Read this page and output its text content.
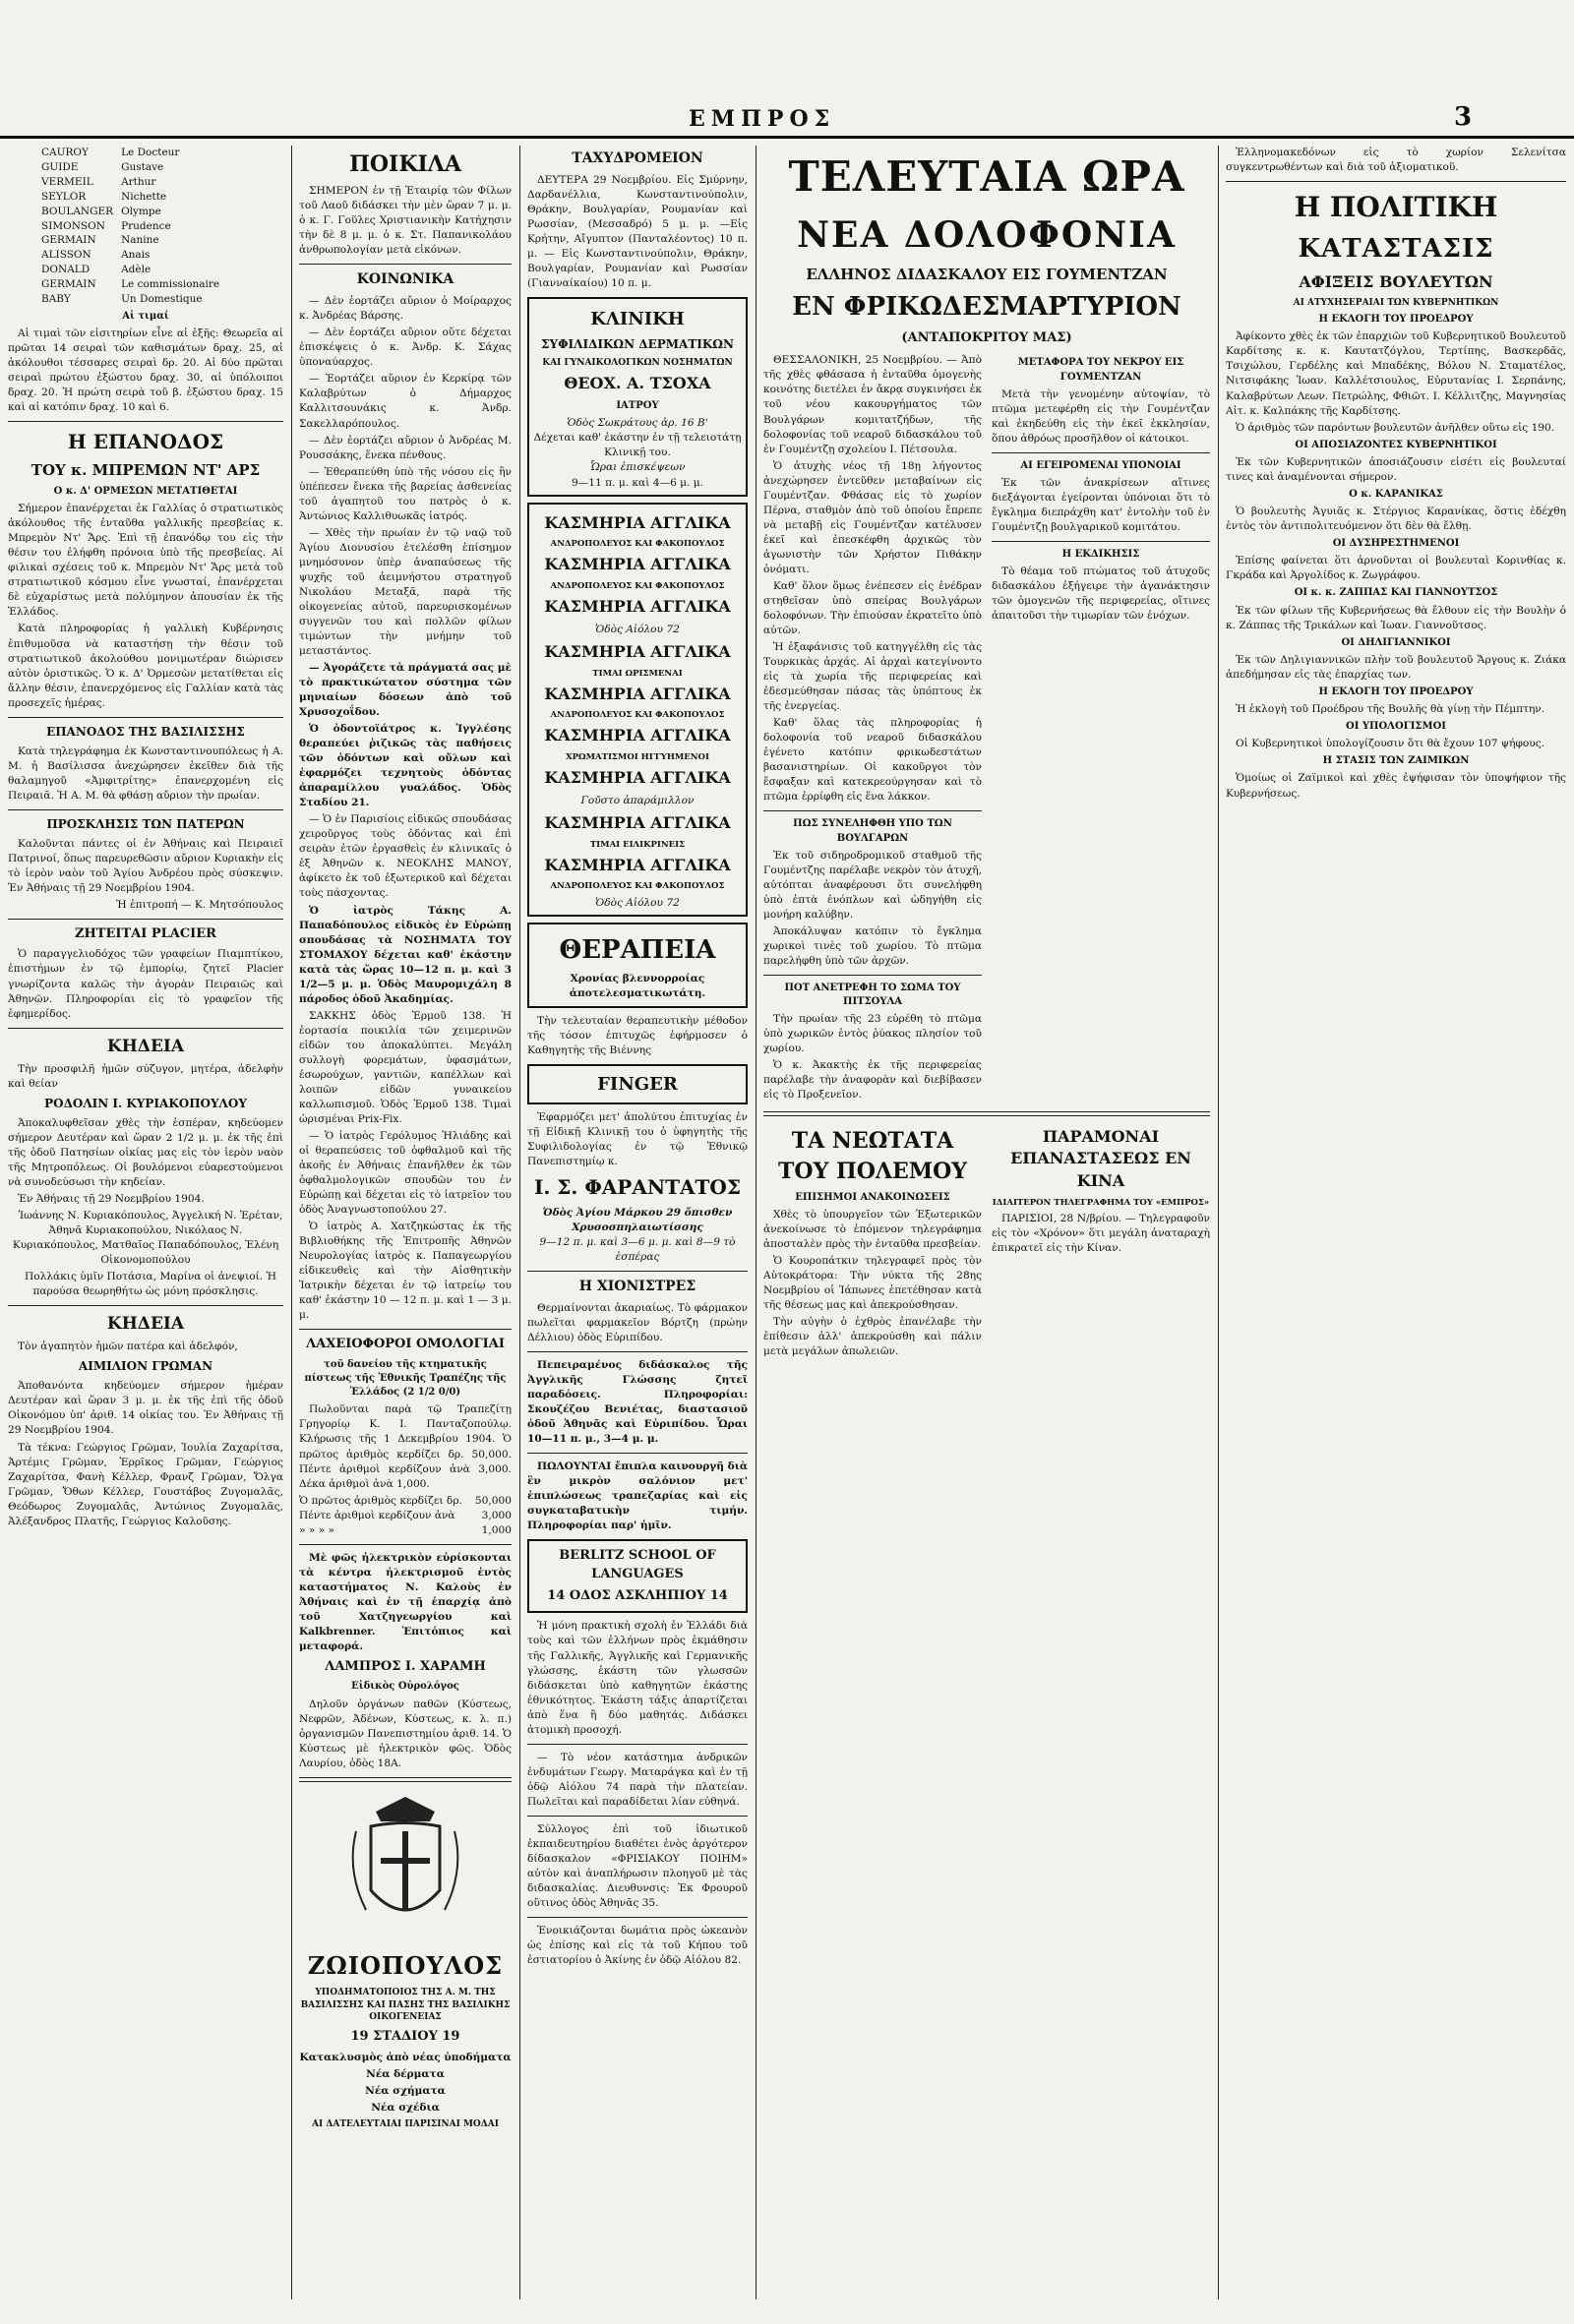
ΕΜΠΡΟΣ	3
CAUROY	Le Docteur
GUIDE	Gustave
VERMEIL	Arthur
SEYLOR	Nichette
BOULANGER	Olympe
SIMONSON	Prudence
GERMAIN	Nanine
ALISSON	Anais
DONALD	Adèle
GERMAIN	Le commissionaire
BABY	Un Domestique
Αἱ τιμαί

Αἱ τιμαὶ τῶν εἰσιτηρίων εἶνε αἱ ἑξῆς: Θεωρεῖα αἱ πρῶται 14 σειραὶ τῶν καθισμάτων δραχ. 25, αἱ ἀκόλουθοι τέσσαρες σειραὶ δρ. 20. Αἱ δύο πρῶται σειραὶ πρώτου ἐξώστου δραχ. 30, αἱ ὑπόλοιποι δραχ. 20. Ἡ πρώτη σειρὰ τοῦ β. ἐξώστου δραχ. 15 καὶ αἱ κατόπιν δραχ. 10 καὶ 6.

Η ΕΠΑΝΟΔΟΣ
ΤΟΥ κ. ΜΠΡΕΜΩΝ ΝΤ' ΑΡΣ
Ο κ. Δ' ΟΡΜΕΣΩΝ ΜΕΤΑΤΙΘΕΤΑΙ

Σήμερον ἐπανέρχεται ἐκ Γαλλίας ὁ στρατιωτικὸς ἀκόλουθος τῆς ἐνταῦθα γαλλικῆς πρεσβείας κ. Μπρεμὸν Ντ' Ἄρς. Ἐπὶ τῇ ἐπανόδῳ του εἰς τὴν θέσιν του ἐλήφθη πρόνοια ὑπὸ τῆς πρεσβείας. Αἱ φιλικαὶ σχέσεις τοῦ κ. Μπρεμὸν Ντ' Ἄρς μετὰ τοῦ στρατιωτικοῦ κόσμου εἶνε γνωσταί, ἐπανέρχεται δὲ εὐχαρίστως μετὰ πολύμηνον ἀπουσίαν ἐκ τῆς Ἑλλάδος.

Κατὰ πληροφορίας ἡ γαλλικὴ Κυβέρνησις ἐπιθυμοῦσα νὰ καταστήσῃ τὴν θέσιν τοῦ στρατιωτικοῦ ἀκολούθου μονιμωτέραν διώρισεν αὐτὸν ὁριστικῶς. Ὁ κ. Δ' Ὀρμεσὼν μετατίθεται εἰς ἄλλην θέσιν, ἐπανερχόμενος εἰς Γαλλίαν κατὰ τὰς προσεχεῖς ἡμέρας.

ΕΠΑΝΟΔΟΣ ΤΗΣ ΒΑΣΙΛΙΣΣΗΣ

Κατὰ τηλεγράφημα ἐκ Κωνσταντινουπόλεως ἡ Α. Μ. ἡ Βασίλισσα ἀνεχώρησεν ἐκεῖθεν διὰ τῆς θαλαμηγοῦ «Ἀμφιτρίτης» ἐπανερχομένη εἰς Πειραιᾶ. Ἡ Α. Μ. θὰ φθάσῃ αὔριον τὴν πρωίαν.

ΠΡΟΣΚΛΗΣΙΣ ΤΩΝ ΠΑΤΕΡΩΝ

Καλοῦνται πάντες οἱ ἐν Ἀθήναις καὶ Πειραιεῖ Πατρινοί, ὅπως παρευρεθῶσιν αὔριον Κυριακὴν εἰς τὸ ἱερὸν ναὸν τοῦ Ἁγίου Ἀνδρέου πρὸς σύσκεψιν. Ἐν Ἀθήναις τῇ 29 Νοεμβρίου 1904.

Ἡ ἐπιτροπή — Κ. Μητσόπουλος

ΖΗΤΕΙΤΑΙ PLACIER

Ὁ παραγγελιοδόχος τῶν γραφείων Πιαμπτίκου, ἐπιστήμων ἐν τῷ ἐμπορίῳ, ζητεῖ Placier γνωρίζοντα καλῶς τὴν ἀγορὰν Πειραιῶς καὶ Ἀθηνῶν. Πληροφορίαι εἰς τὸ γραφεῖον τῆς ἐφημερίδος.

ΚΗΔΕΙΑ

Τὴν προσφιλῆ ἡμῶν σύζυγον, μητέρα, ἀδελφὴν καὶ θείαν

ΡΟΔΟΛΙΝ Ι. ΚΥΡΙΑΚΟΠΟΥΛΟΥ

Ἀποκαλυφθεῖσαν χθὲς τὴν ἑσπέραν, κηδεύομεν σήμερον Δευτέραν καὶ ὥραν 2 1/2 μ. μ. ἐκ τῆς ἐπὶ τῆς ὁδοῦ Πατησίων οἰκίας μας εἰς τὸν ἱερὸν ναὸν τῆς Μητροπόλεως. Οἱ βουλόμενοι εὐαρεστούμενοι νὰ συνοδεύσωσι τὴν κηδείαν.

Ἐν Ἀθήναις τῇ 29 Νοεμβρίου 1904.

Ἰωάννης Ν. Κυριακόπουλος, Ἀγγελική Ν. Ἐρέταν, Ἀθηνᾶ Κυριακοπούλου, Νικόλαος Ν. Κυριακόπουλος, Ματθαῖος Παπαδόπουλος, Ἑλένη Οἰκονομοπούλου

Πολλάκις ὑμῖν Ποτάσια, Μαρίνα οἱ ἀνεψιοί. Ἡ παρούσα θεωρηθήτω ὡς μόνη πρόσκλησις.

ΚΗΔΕΙΑ

Τὸν ἀγαπητὸν ἡμῶν πατέρα καὶ ἀδελφόν,

ΑΙΜΙΛΙΟΝ ΓΡΩΜΑΝ

Ἀποθανόντα κηδεύομεν σήμερον ἡμέραν Δευτέραν καὶ ὥραν 3 μ. μ. ἐκ τῆς ἐπὶ τῆς ὁδοῦ Οἰκονόμου ὑπ' ἀριθ. 14 οἰκίας του. Ἐν Ἀθήναις τῇ 29 Νοεμβρίου 1904.

Τὰ τέκνα: Γεώργιος Γρῶμαν, Ἰουλία Ζαχαρίτσα, Ἀρτέμις Γρῶμαν, Ἐρρῖκος Γρῶμαν, Γεώργιος Ζαχαρίτσα, Φανὴ Κέλλερ, Φρανζ Γρῶμαν, Ὄλγα Γρῶμαν, Ὄθων Κέλλερ, Γουστάβος Ζυγομαλᾶς, Θεόδωρος Ζυγομαλᾶς, Ἀντώνιος Ζυγομαλᾶς, Ἀλέξανδρος Πλατῆς, Γεώργιος Καλοῦσης.

ΠΟΙΚΙΛΑ

ΣΗΜΕΡΟΝ ἐν τῇ Ἑταιρίᾳ τῶν Φίλων τοῦ Λαοῦ διδάσκει τὴν μὲν ὥραν 7 μ. μ. ὁ κ. Γ. Γοῦλες Χριστιανικὴν Κατήχησιν τὴν δὲ 8 μ. μ. ὁ κ. Στ. Παπανικολάου ἀνθρωπολογίαν μετὰ εἰκόνων.

ΚΟΙΝΩΝΙΚΑ

— Δὲν ἑορτάζει αὔριον ὁ Μοίραρχος κ. Ἀνδρέας Βάρσης.

— Δὲν ἑορτάζει αὔριον οὔτε δέχεται ἐπισκέψεις ὁ κ. Ἀνδρ. Κ. Σάχας ὑποναύαρχος.

— Ἑορτάζει αὔριον ἐν Κερκίρᾳ τῶν Καλαβρύτων ὁ Δήμαρχος Καλλιτσουνάκις κ. Ἀνδρ. Σακελλαρόπουλος.

— Δὲν ἑορτάζει αὔριον ὁ Ἀνδρέας Μ. Ρουσσάκης, ἕνεκα πένθους.

— Ἐθεραπεύθη ὑπὸ τῆς νόσου εἰς ἣν ὑπέπεσεν ἔνεκα τῆς βαρείας ἀσθενείας τοῦ ἀγαπητοῦ του πατρὸς ὁ κ. Ἀντώνιος Καλλιθυωκᾶς ἰατρός.

— Χθὲς τὴν πρωίαν ἐν τῷ ναῷ τοῦ Ἁγίου Διονυσίου ἐτελέσθη ἐπίσημον μνημόσυνον ὑπὲρ ἀναπαύσεως τῆς ψυχῆς τοῦ ἀειμνήστου στρατηγοῦ Νικολάου Μεταξᾶ, παρὰ τῆς οἰκογενείας αὐτοῦ, παρευρισκομένων συγγενῶν του καὶ πολλῶν φίλων τιμώντων τὴν μνήμην τοῦ μεταστάντος.

— Ἀγοράζετε τὰ πράγματά σας μὲ τὸ πρακτικώτατον σύστημα τῶν μηνιαίων δόσεων ἀπὸ τοῦ Χρυσοχοΐδου.

Ὁ ὀδοντοϊάτρος κ. Ἰγγλέσης θεραπεύει ῥιζικῶς τὰς παθήσεις τῶν ὀδόντων καὶ οὔλων καὶ ἐφαρμόζει τεχνητοὺς ὀδόντας ἀπαραμίλλου γυαλάδος. Ὁδὸς Σταδίου 21.

— Ὁ ἐν Παρισίοις εἰδικῶς σπουδάσας χειροῦργος τοὺς ὀδόντας καὶ ἐπὶ σειρὰν ἐτῶν ἐργασθεὶς ἐν κλινικαῖς ὁ ἐξ Ἀθηνῶν κ. ΝΕΟΚΛΗΣ ΜΑΝΟΥ, ἀφίκετο ἐκ τοῦ ἐξωτερικοῦ καὶ δέχεται τοὺς πάσχοντας.

Ὁ ἰατρὸς Τάκης Α. Παπαδόπουλος εἰδικὸς ἐν Εὐρώπῃ σπουδάσας τὰ ΝΟΣΗΜΑΤΑ ΤΟΥ ΣΤΟΜΑΧΟΥ δέχεται καθ' ἑκάστην κατὰ τὰς ὥρας 10—12 π. μ. καὶ 3 1/2—5 μ. μ. Ὁδὸς Μαυρομιχάλη 8 πάροδος ὁδοῦ Ἀκαδημίας.

ΣΑΚΚΗΣ ὁδὸς Ἑρμοῦ 138. Ἡ ἑορτασία ποικιλία τῶν χειμερινῶν εἰδῶν του ἀποκαλύπτει. Μεγάλη συλλογὴ φορεμάτων, ὑφασμάτων, ἐσωρούχων, γαντιῶν, καπέλλων καὶ λοιπῶν εἰδῶν γυναικείου καλλωπισμοῦ. Ὁδὸς Ἑρμοῦ 138. Τιμαὶ ὡρισμέναι Prix-Fix.

— Ὁ ἰατρὸς Γερόλυμος Ἠλιάδης καὶ οἱ θεραπεύσεις τοῦ ὀφθαλμοῦ καὶ τῆς ἀκοῆς ἐν Ἀθήναις ἐπανῆλθεν ἐκ τῶν ὀφθαλμολογικῶν σπουδῶν του ἐν Εὐρώπῃ καὶ δέχεται εἰς τὸ ἰατρεῖον του ὁδὸς Ἀναγνωστοπούλου 27.

Ὁ ἰατρὸς Α. Χατζηκώστας ἐκ τῆς Βιβλιοθήκης τῆς Ἐπιτροπῆς Ἀθηνῶν Νευρολογίας ἰατρὸς κ. Παπαγεωργίου εἰδικευθεὶς καὶ τὴν Αἰσθητικὴν Ἰατρικὴν δέχεται ἐν τῷ ἰατρείῳ του καθ' ἑκάστην 10 — 12 π. μ. καὶ 1 — 3 μ. μ.

ΛΑΧΕΙΟΦΟΡΟΙ ΟΜΟΛΟΓΙΑΙ
τοῦ δανείου τῆς κτηματικῆς πίστεως τῆς Ἐθνικῆς Τραπέζης τῆς Ἑλλάδος (2 1/2 0/0)

Πωλοῦνται παρὰ τῷ Τραπεζίτῃ Γρηγορίῳ Κ. Ι. Πανταζοπούλῳ. Κλήρωσις τῆς 1 Δεκεμβρίου 1904. Ὁ πρῶτος ἀριθμὸς κερδίζει δρ. 50,000. Πέντε ἀριθμοὶ κερδίζουν ἀνὰ 3,000. Δέκα ἀριθμοὶ ἀνὰ 1,000.

Ὁ πρῶτος ἀριθμὸς κερδίζει δρ. 50,000
Πέντε ἀριθμοὶ κερδίζουν ἀνὰ	3,000
» » » »	1,000

Μὲ φῶς ἠλεκτρικὸν εὑρίσκονται τὰ κέντρα ἠλεκτρισμοῦ ἐντὸς καταστήματος Ν. Καλοὺς ἐν Ἀθήναις καὶ ἐν τῇ ἐπαρχίᾳ ἀπὸ τοῦ Χατζηγεωργίου καὶ Kalkbrenner. Ἐπιτόπιος καὶ μεταφορά.

ΛΑΜΠΡΟΣ Ι. ΧΑΡΑΜΗ
Εἰδικὸς Οὐρολόγος

Δηλοῦν ὀργάνων παθῶν (Κύστεως, Νεφρῶν, Ἀδένων, Κύστεως, κ. λ. π.) ὁργανισμῶν Πανεπιστημίου ἀριθ. 14. Ὁ Κύστεως μὲ ἠλεκτρικὸν φῶς. Ὁδὸς Λαυρίου, ὁδὸς 18Α.

ΖΩΙΟΠΟΥΛΟΣ
ΥΠΟΔΗΜΑΤΟΠΟΙΟΣ ΤΗΣ Α. Μ. ΤΗΣ ΒΑΣΙΛΙΣΣΗΣ ΚΑΙ ΠΑΣΗΣ ΤΗΣ ΒΑΣΙΛΙΚΗΣ ΟΙΚΟΓΕΝΕΙΑΣ
19 ΣΤΑΔΙΟΥ 19
Κατακλυσμὸς ἀπὸ νέας ὑποδήματα
Νέα δέρματα
Νέα σχήματα
Νέα σχέδια
ΑΙ ΔΑΤΕΛΕΥΤΑΙΑΙ ΠΑΡΙΣΙΝΑΙ ΜΟΔΑΙ
ΤΑΧΥΔΡΟΜΕΙΟΝ

ΔΕΥΤΕΡΑ 29 Νοεμβρίου. Εἰς Σμύρνην, Δαρδανέλλια, Κωνσταντινούπολιν, Θράκην, Βουλγαρίαν, Ρουμανίαν καὶ Ρωσσίαν, (Μεσσαδρό) 5 μ. μ. —Εἰς Κρήτην, Αἴγυπτον (Πανταλέοντος) 10 π. μ. — Εἰς Κωνσταντινούπολιν, Θράκην, Βουλγαρίαν, Ρουμανίαν καὶ Ρωσσίαν (Γιανναίκαίου) 10 π. μ.

ΚΛΙΝΙΚΗ
ΣΥΦΙΛΙΔΙΚΩΝ ΔΕΡΜΑΤΙΚΩΝ
ΚΑΙ ΓΥΝΑΙΚΟΛΟΓΙΚΩΝ ΝΟΣΗΜΑΤΩΝ
ΘΕΟΧ. Α. ΤΣΟΧΑ
ΙΑΤΡΟΥ
Ὁδὸς Σωκράτους ἀρ. 16 Β'
Δέχεται καθ' ἑκάστην ἐν τῇ τελειοτάτῃ Κλινικῇ του.
Ὧραι ἐπισκέψεων
9—11 π. μ. καὶ 4—6 μ. μ.
ΚΑΣΜΗΡΙΑ ΑΓΓΛΙΚΑ
ΑΝΔΡΟΠΟΛΕΥΟΣ ΚΑΙ ΦΑΚΟΠΟΥΛΟΣ
ΚΑΣΜΗΡΙΑ ΑΓΓΛΙΚΑ
ΑΝΔΡΟΠΟΛΕΥΟΣ ΚΑΙ ΦΑΚΟΠΟΥΛΟΣ
ΚΑΣΜΗΡΙΑ ΑΓΓΛΙΚΑ
Ὁδὸς Αἰόλου 72
ΚΑΣΜΗΡΙΑ ΑΓΓΛΙΚΑ
ΤΙΜΑΙ ΩΡΙΣΜΕΝΑΙ
ΚΑΣΜΗΡΙΑ ΑΓΓΛΙΚΑ
ΑΝΔΡΟΠΟΛΕΥΟΣ ΚΑΙ ΦΑΚΟΠΟΥΛΟΣ
ΚΑΣΜΗΡΙΑ ΑΓΓΛΙΚΑ
ΧΡΩΜΑΤΙΣΜΟΙ ΗΓΓΥΗΜΕΝΟΙ
ΚΑΣΜΗΡΙΑ ΑΓΓΛΙΚΑ
Γοῦστο ἀπαράμιλλον
ΚΑΣΜΗΡΙΑ ΑΓΓΛΙΚΑ
ΤΙΜΑΙ ΕΙΛΙΚΡΙΝΕΙΣ
ΚΑΣΜΗΡΙΑ ΑΓΓΛΙΚΑ
ΑΝΔΡΟΠΟΛΕΥΟΣ ΚΑΙ ΦΑΚΟΠΟΥΛΟΣ
Ὁδὸς Αἰόλου 72
ΘΕΡΑΠΕΙΑ
Χρονίας βλεννορροίας ἀποτελεσματικωτάτη.

Τὴν τελευταίαν θεραπευτικὴν μέθοδον τῆς τόσον ἐπιτυχῶς ἐφήρμοσεν ὁ Καθηγητὴς τῆς Βιέννης

FINGER

Ἐφαρμόζει μετ' ἀπολύτου ἐπιτυχίας ἐν τῇ Εἰδικῇ Κλινικῇ του ὁ ὑφηγητὴς τῆς Συφιλιδολογίας ἐν τῷ Ἐθνικῷ Πανεπιστημίῳ κ.

Ι. Σ. ΦΑΡΑΝΤΑΤΟΣ
Ὁδὸς Ἁγίου Μάρκου 29 ὄπισθεν Χρυσοσπηλαιωτίσσης
9—12 π. μ. καὶ 3—6 μ. μ. καὶ 8—9 τὸ ἑσπέρας
Η ΧΙΟΝΙΣΤΡΕΣ

Θερμαίνονται ἀκαριαίως. Τὸ φάρμακον πωλεῖται φαρμακεῖον Βόρτζη (πρώην Δέλλιου) ὁδὸς Εὐριπίδου.

Πεπειραμένος διδάσκαλος τῆς Ἀγγλικῆς Γλώσσης ζητεῖ παραδόσεις. Πληροφορίαι: Σκουζέζου Βενιέτας, διαστασιοῦ ὁδοῦ Ἀθηνᾶς καὶ Εὐριπίδου. Ὧραι 10—11 π. μ., 3—4 μ. μ.

ΠΩΛΟΥΝΤΑΙ ἔπιπλα καινουργῆ διὰ ἓν μικρὸν σαλόνιον μετ' ἐπιπλώσεως τραπεζαρίας καὶ εἰς συγκαταβατικὴν τιμήν. Πληροφορίαι παρ' ἡμῖν.

BERLITZ SCHOOL OF LANGUAGES
14 ΟΔΟΣ ΑΣΚΛΗΠΙΟΥ 14

Ἡ μόνη πρακτικὴ σχολὴ ἐν Ἑλλάδι διὰ τοὺς καὶ τῶν ἑλλήνων πρὸς ἐκμάθησιν τῆς Γαλλικῆς, Ἀγγλικῆς καὶ Γερμανικῆς γλώσσης, ἑκάστη τῶν γλωσσῶν διδάσκεται ὑπὸ καθηγητῶν ἐκάστης ἐθνικότητος. Ἑκάστη τάξις ἀπαρτίζεται ἀπὸ ἕνα ἢ δύο μαθητάς. Διδάσκει ἀτομικὴ προσοχή.

— Τὸ νέον κατάστημα ἀνδρικῶν ἐνδυμάτων Γεωργ. Ματαράγκα καὶ ἐν τῇ ὁδῷ Αἰόλου 74 παρὰ τὴν πλατείαν. Πωλεῖται καὶ παραδίδεται λίαν εὐθηνά.

Σύλλογος ἐπὶ τοῦ ἰδιωτικοῦ ἐκπαιδευτηρίου διαθέτει ἑνὸς ἀργότερον δίδασκαλον «ΦΡΙΣΙΑΚΟΥ ΠΟΙΗΜ» αὐτὸν καὶ ἀναπλήρωσιν πλοηγοῦ μὲ τὰς διδασκαλίας. Διευθυνσις: Ἐκ Φρουροῦ οὔτινος ὁδὸς Ἀθηνᾶς 35.

Ἐνοικιάζονται δωμάτια πρὸς ὠκεανὸν ὡς ἐπίσης καὶ εἰς τὰ τοῦ Κήπου τοῦ ἐστιατορίου ὁ Ἀκίνης ἐν ὁδῷ Αἰόλου 82.

ΤΕΛΕΥΤΑΙΑ ΩΡΑ
ΝΕΑ ΔΟΛΟΦΟΝΙΑ
ΕΛΛΗΝΟΣ ΔΙΔΑΣΚΑΛΟΥ ΕΙΣ ΓΟΥΜΕΝΤΖΑΝ
ΕΝ ΦΡΙΚΩΔΕΣΜΑΡΤΥΡΙΟΝ
(ΑΝΤΑΠΟΚΡΙΤΟΥ ΜΑΣ)

ΘΕΣΣΑΛΟΝΙΚΗ, 25 Νοεμβρίου. — Ἀπὸ τῆς χθὲς φθάσασα ἡ ἐνταῦθα ὁμογενὴς κοινότης διετέλει ἐν ἄκρᾳ συγκινήσει ἐκ τοῦ νέου κακουργήματος τῶν Βουλγάρων κομιτατζήδων, τῆς δολοφονίας τοῦ νεαροῦ διδασκάλου τοῦ ἐν Γουμέντζῃ σχολείου Ι. Πέτσουλα.

Ὁ ἀτυχὴς νέος τῇ 18ῃ λήγοντος ἀνεχώρησεν ἐντεῦθεν μεταβαίνων εἰς Γουμέντζαν. Φθάσας εἰς τὸ χωρίον Πέρνα, σταθμὸν ἀπὸ τοῦ ὁποίου ἔπρεπε νὰ μεταβῇ εἰς Γουμέντζαν κατέλυσεν ἐκεῖ καὶ ἐπεσκέφθη ἀρχικῶς τὸν ἀγωνιστὴν τῶν Χρήστον Πιθάκην ὀνόματι.

Καθ' ὅλον ὅμως ἐνέπεσεν εἰς ἐνέδραν στηθεῖσαν ὑπὸ σπείρας Βουλγάρων δολοφόνων. Τὴν ἐπιούσαν ἐκρατεῖτο ὑπὸ αὐτῶν.

Ἡ ἐξαφάνισις τοῦ κατηγγέλθη εἰς τὰς Τουρκικὰς ἀρχάς. Αἱ ἀρχαὶ κατεγίνοντο εἰς τὰ χωρία τῆς περιφερείας καὶ ἐδεσμεύθησαν πάσας τὰς ὑπόπτους ἐκ τῆς ἐνεργείας.

Καθ' ὅλας τὰς πληροφορίας ἡ δολοφονία τοῦ νεαροῦ διδασκάλου ἐγένετο κατόπιν φρικωδεστάτων βασανιστηρίων. Οἱ κακοῦργοι τὸν ἔσφαξαν καὶ κατεκρεούργησαν καὶ τὸ πτῶμα ἐρρίφθη εἰς ἕνα λάκκον.

ΠΩΣ ΣΥΝΕΛΗΦΘΗ ΥΠΟ ΤΩΝ ΒΟΥΛΓΑΡΩΝ

Ἐκ τοῦ σιδηροδρομικοῦ σταθμοῦ τῆς Γουμέντζης παρέλαβε νεκρὸν τὸν ἀτυχῆ, αὐτόπται ἀναφέρουσι ὅτι συνελήφθη ὑπὸ ἐπτὰ ἐνόπλων καὶ ὡδηγήθη εἰς μονήρη καλύβην.

Ἀποκάλυψαν κατόπιν τὸ ἔγκλημα χωρικοὶ τινὲς τοῦ χωρίου. Τὸ πτῶμα παρελήφθη ὑπὸ τῶν ἀρχῶν.

ΠΟΤ ΑΝΕΤΡΕΦΗ ΤΟ ΣΩΜΑ ΤΟΥ ΠΙΤΣΟΥΛΑ

Τὴν πρωίαν τῆς 23 εὑρέθη τὸ πτῶμα ὑπὸ χωρικῶν ἐντὸς ῥύακος πλησίον τοῦ χωρίου.

Ὁ κ. Ἀκακτὴς ἐκ τῆς περιφερείας παρέλαβε τὴν ἀναφορὰν καὶ διεβίβασεν εἰς τὸ Προξενεῖον.

ΜΕΤΑΦΟΡΑ ΤΟΥ ΝΕΚΡΟΥ ΕΙΣ ΓΟΥΜΕΝΤΖΑΝ

Μετὰ τὴν γενομένην αὐτοψίαν, τὸ πτῶμα μετεφέρθη εἰς τὴν Γουμέντζαν καὶ ἐκηδεύθη εἰς τὴν ἐκεῖ ἐκκλησίαν, ὅπου ἀθρόως προσῆλθον οἱ κάτοικοι.

ΑΙ ΕΓΕΙΡΟΜΕΝΑΙ ΥΠΟΝΟΙΑΙ

Ἐκ τῶν ἀνακρίσεων αἵτινες διεξάγονται ἐγείρονται ὑπόνοιαι ὅτι τὸ ἔγκλημα διεπράχθη κατ' ἐντολὴν τοῦ ἐν Γουμέντζῃ βουλγαρικοῦ κομιτάτου.

Η ΕΚΔΙΚΗΣΙΣ

Τὸ θέαμα τοῦ πτώματος τοῦ ἀτυχοῦς διδασκάλου ἐξήγειρε τὴν ἀγανάκτησιν τῶν ὁμογενῶν τῆς περιφερείας, οἵτινες ἀπαιτοῦσι τὴν τιμωρίαν τῶν ἐνόχων.

ΤΑ ΝΕΩΤΑΤΑ ΤΟΥ ΠΟΛΕΜΟΥ
ΕΠΙΣΗΜΟΙ ΑΝΑΚΟΙΝΩΣΕΙΣ

Χθὲς τὸ ὑπουργεῖον τῶν Ἐξωτερικῶν ἀνεκοίνωσε τὸ ἑπόμενον τηλεγράφημα ἀποσταλὲν πρὸς τὴν ἐνταῦθα πρεσβείαν.

Ὁ Κουροπάτκιν τηλεγραφεῖ πρὸς τὸν Αὐτοκράτορα: Τὴν νύκτα τῆς 28ης Νοεμβρίου οἱ Ἰάπωνες ἐπετέθησαν κατὰ τῆς θέσεως μας καὶ ἀπεκρούσθησαν.

Τὴν αὐγὴν ὁ ἐχθρὸς ἐπανέλαβε τὴν ἐπίθεσιν ἀλλ' ἀπεκρούσθη καὶ πάλιν μετὰ μεγάλων ἀπωλειῶν.

ΠΑΡΑΜΟΝΑΙ ΕΠΑΝΑΣΤΑΣΕΩΣ ΕΝ ΚΙΝΑ
ΙΔΙΑΙΤΕΡΟΝ ΤΗΛΕΓΡΑΦΗΜΑ ΤΟΥ «ΕΜΠΡΟΣ»

ΠΑΡΙΣΙΟΙ, 28 Ν/βρίου. — Τηλεγραφοῦν εἰς τὸν «Χρόνον» ὅτι μεγάλη ἀναταραχὴ ἐπικρατεῖ εἰς τὴν Κίναν.

Ἑλληνομακεδόνων εἰς τὸ χωρίον Σελενίτσα συγκεντρωθέντων καὶ διὰ τοῦ ἀξιοματικοῦ.

Η ΠΟΛΙΤΙΚΗ
ΚΑΤΑΣΤΑΣΙΣ
ΑΦΙΞΕΙΣ ΒΟΥΛΕΥΤΩΝ
ΑΙ ΑΤΥΧΗΣΕΡΑΙΑΙ ΤΩΝ ΚΥΒΕΡΝΗΤΙΚΩΝ
Η ΕΚΛΟΓΗ ΤΟΥ ΠΡΟΕΔΡΟΥ

Ἀφίκοντο χθὲς ἐκ τῶν ἐπαρχιῶν τοῦ Κυβερνητικοῦ Βουλευτοῦ Καρδίτσης κ. κ. Καυτατζόγλου, Τερτίπης, Βασκερδᾶς, Τσιχώλου, Γερδέλης καὶ Μπαδέκης, Βόλου Ν. Σταματέλος, Νιτσιφάκης Ἰωαν. Καλλέτσιουλος, Εὐρυτανίας Ι. Σερπάνης, Καλαβρύτων Λεων. Πετρώλης, Φθιῶτ. Ι. Κέλλιτζης, Μαγνησίας Αἰτ. κ. Καλπάκης τῆς Καρδίτσης.

Ὁ ἀριθμὸς τῶν παρόντων βουλευτῶν ἀνῆλθεν οὕτω εἰς 190.

ΟΙ ΑΠΟΣΙΑΖΟΝΤΕΣ ΚΥΒΕΡΝΗΤΙΚΟΙ

Ἐκ τῶν Κυβερνητικῶν ἀποσιάζουσιν εἰσέτι εἰς βουλευταί τινες καὶ ἀναμένονται σήμερον.

Ο κ. ΚΑΡΑΝΙΚΑΣ

Ὁ βουλευτὴς Ἀγυιᾶς κ. Στέργιος Καρανίκας, ὅστις ἐδέχθη ἐντὸς τὸν ἀντιπολιτευόμενον ὅτι δὲν θὰ ἔλθῃ.

ΟΙ ΔΥΣΗΡΕΣΤΗΜΕΝΟΙ

Ἐπίσης φαίνεται ὅτι ἀρνοῦνται οἱ βουλευταὶ Κορινθίας κ. Γκράδα καὶ Ἀργολίδος κ. Ζωγράφου.

ΟΙ κ. κ. ΖΑΠΠΑΣ ΚΑΙ ΓΙΑΝΝΟΥΤΣΟΣ

Ἐκ τῶν φίλων τῆς Κυβερνήσεως θὰ ἔλθουν εἰς τὴν Βουλὴν ὁ κ. Ζάππας τῆς Τρικάλων καὶ Ἰωαν. Γιαννοῦτσος.

ΟΙ ΔΗΛΙΓΙΑΝΝΙΚΟΙ

Ἐκ τῶν Δηλιγιαννικῶν πλὴν τοῦ βουλευτοῦ Ἄργους κ. Ζιάκα ἀπεδήμησαν εἰς τὰς ἐπαρχίας των.

Η ΕΚΛΟΓΗ ΤΟΥ ΠΡΟΕΔΡΟΥ

Ἡ ἐκλογὴ τοῦ Προέδρου τῆς Βουλῆς θὰ γίνῃ τὴν Πέμπτην.

ΟΙ ΥΠΟΛΟΓΙΣΜΟΙ

Οἱ Κυβερνητικοὶ ὑπολογίζουσιν ὅτι θὰ ἔχουν 107 ψήφους.

Η ΣΤΑΣΙΣ ΤΩΝ ΖΑΙΜΙΚΩΝ

Ὁμοίως οἱ Ζαϊμικοὶ καὶ χθὲς ἐψήφισαν τὸν ὑποψήφιον τῆς Κυβερνήσεως.
